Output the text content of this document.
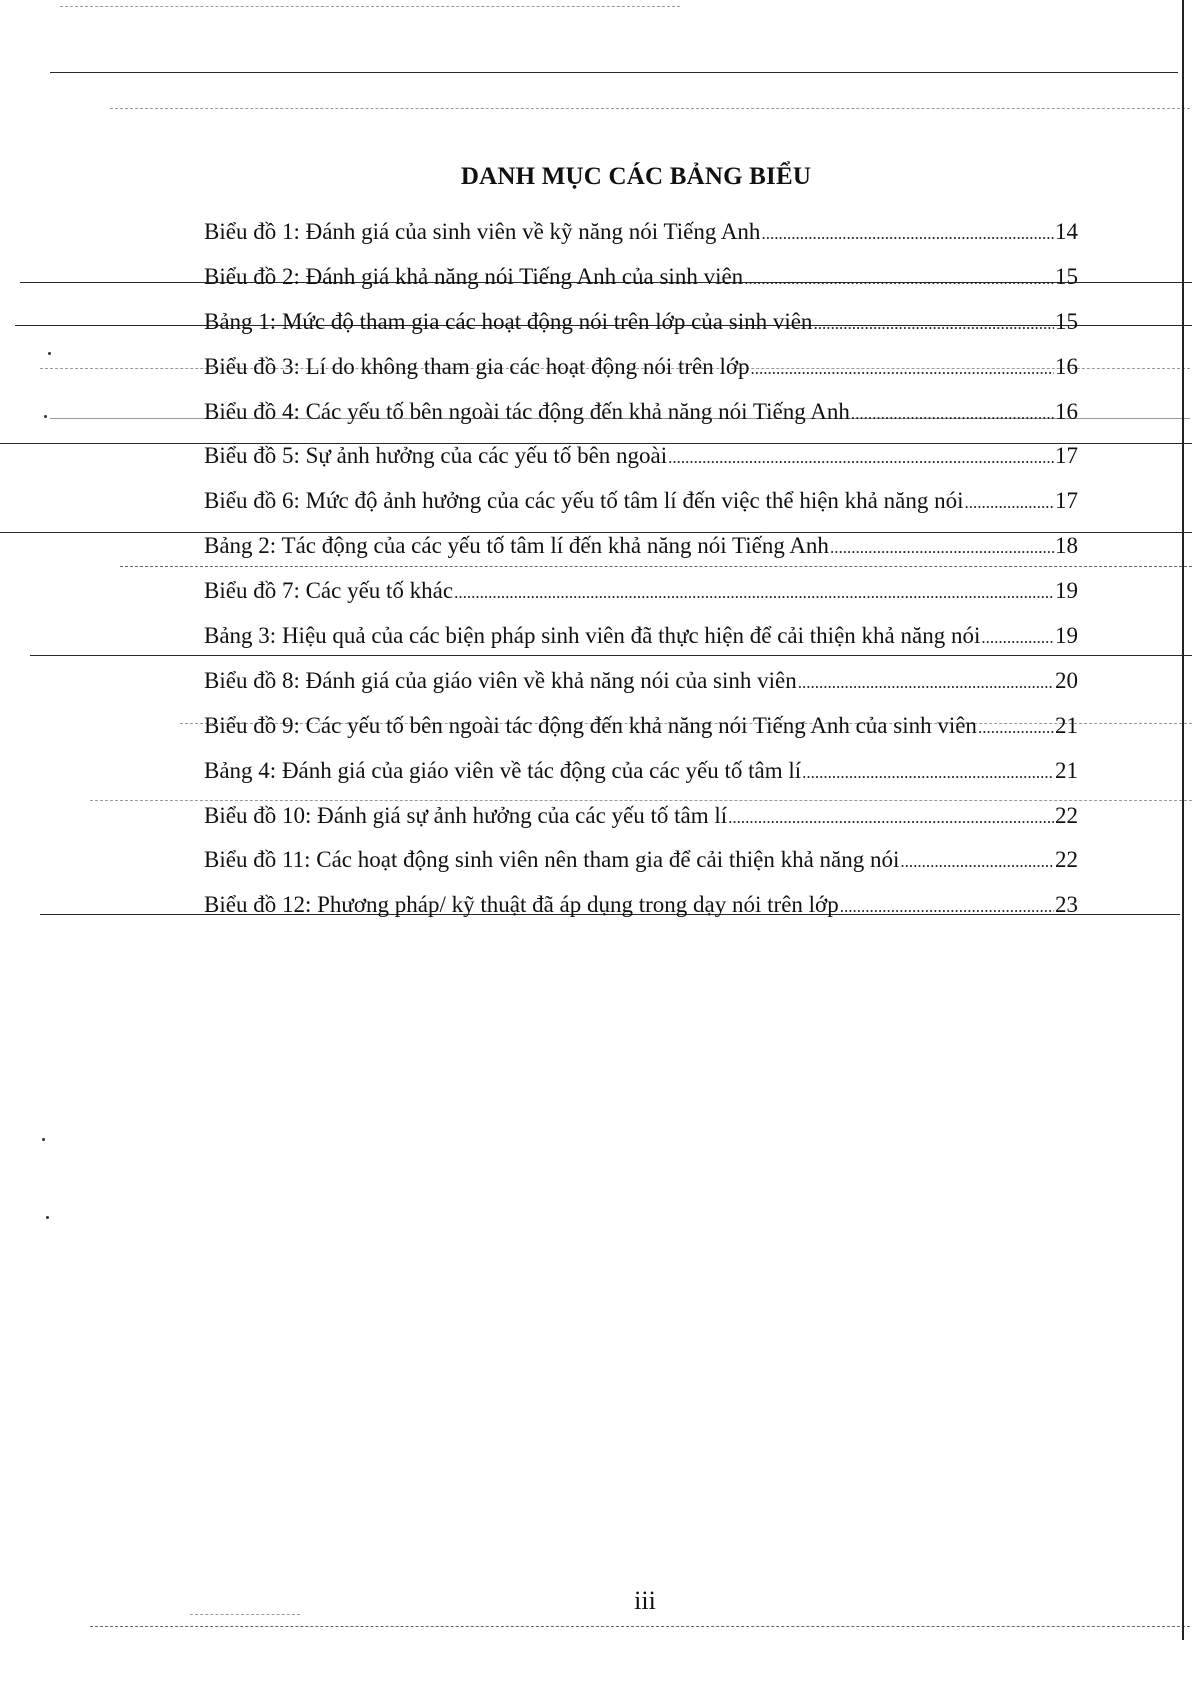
DANH MỤC CÁC BẢNG BIỂU
Biểu đồ 1: Đánh giá của sinh viên về kỹ năng nói Tiếng Anh .....	14
Biểu đồ 2: Đánh giá khả năng nói Tiếng Anh của sinh viên .....	15
Bảng 1: Mức độ tham gia các hoạt động nói trên lớp của sinh viên .....	15
Biểu đồ 3: Lí do không tham gia các hoạt động nói trên lớp .....	16
Biểu đồ 4: Các yếu tố bên ngoài tác động đến khả năng nói Tiếng Anh .....	16
Biểu đồ 5: Sự ảnh hưởng của các yếu tố bên ngoài .....	17
Biểu đồ 6: Mức độ ảnh hưởng của các yếu tố tâm lí đến việc thể hiện khả năng nói .....	17
Bảng 2: Tác động của các yếu tố tâm lí đến khả năng nói Tiếng Anh .....	18
Biểu đồ 7: Các yếu tố khác .....	19
Bảng 3: Hiệu quả của các biện pháp sinh viên đã thực hiện để cải thiện khả năng nói .....	19
Biểu đồ 8: Đánh giá của giáo viên về khả năng nói của sinh viên .....	20
Biểu đồ 9: Các yếu tố bên ngoài tác động đến khả năng nói Tiếng Anh của sinh viên .....	21
Bảng 4: Đánh giá của giáo viên về tác động của các yếu tố tâm lí .....	21
Biểu đồ 10: Đánh giá sự ảnh hưởng của các yếu tố tâm lí .....	22
Biểu đồ 11: Các hoạt động sinh viên nên tham gia để cải thiện khả năng nói .....	22
Biểu đồ 12: Phương pháp/ kỹ thuật đã áp dụng trong dạy nói trên lớp .....	23
iii
